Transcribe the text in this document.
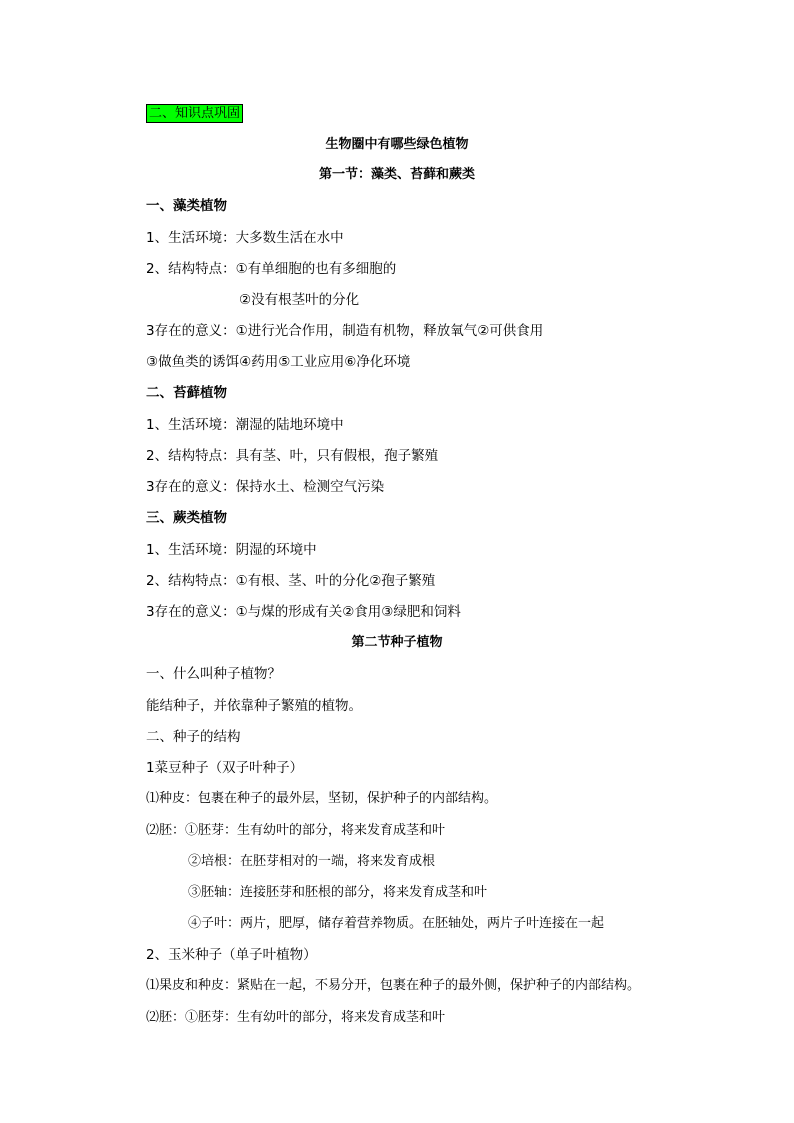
二、知识点巩固
生物圈中有哪些绿色植物
第一节：藻类、苔藓和蕨类
一、藻类植物
1、生活环境：大多数生活在水中
2、结构特点：①有单细胞的也有多细胞的
②没有根茎叶的分化
3存在的意义：①进行光合作用，制造有机物，释放氧气②可供食用
③做鱼类的诱饵④药用⑤工业应用⑥净化环境
二、苔藓植物
1、生活环境：潮湿的陆地环境中
2、结构特点：具有茎、叶，只有假根，孢子繁殖
3存在的意义：保持水土、检测空气污染
三、蕨类植物
1、生活环境：阴湿的环境中
2、结构特点：①有根、茎、叶的分化②孢子繁殖
3存在的意义：①与煤的形成有关②食用③绿肥和饲料
第二节种子植物
一、什么叫种子植物？
能结种子，并依靠种子繁殖的植物。
二、种子的结构
1菜豆种子（双子叶种子）
⑴种皮：包裹在种子的最外层，坚韧，保护种子的内部结构。
⑵胚：①胚芽：生有幼叶的部分，将来发育成茎和叶
②培根：在胚芽相对的一端，将来发育成根
③胚轴：连接胚芽和胚根的部分，将来发育成茎和叶
④子叶：两片，肥厚，储存着营养物质。在胚轴处，两片子叶连接在一起
2、玉米种子（单子叶植物）
⑴果皮和种皮：紧贴在一起，不易分开，包裹在种子的最外侧，保护种子的内部结构。
⑵胚：①胚芽：生有幼叶的部分，将来发育成茎和叶
